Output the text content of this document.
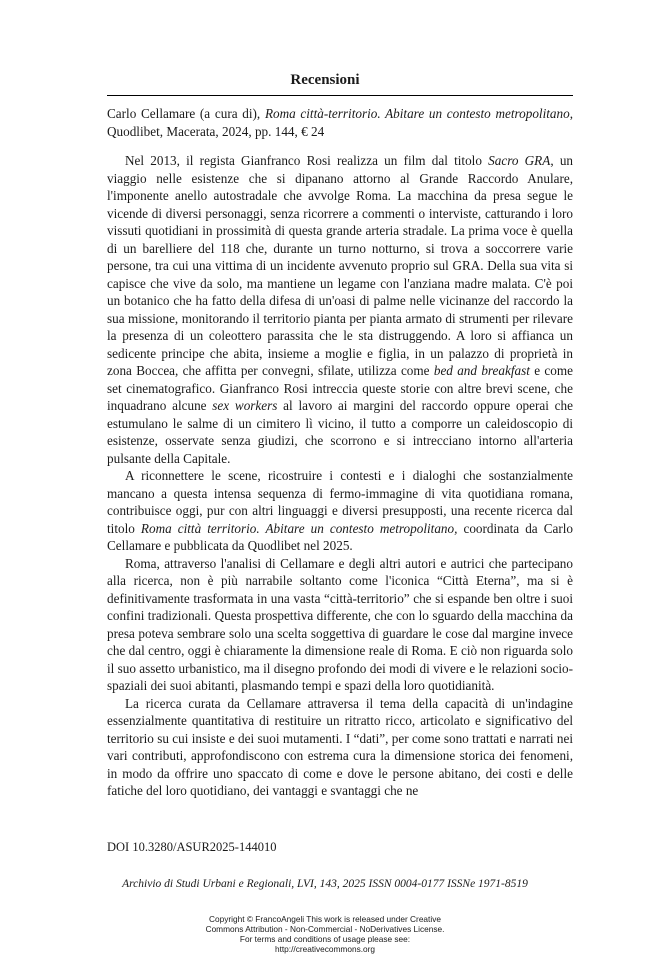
Recensioni
Carlo Cellamare (a cura di), Roma città-territorio. Abitare un contesto metropolitano, Quodlibet, Macerata, 2024, pp. 144, € 24

Nel 2013, il regista Gianfranco Rosi realizza un film dal titolo Sacro GRA, un viaggio nelle esistenze che si dipanano attorno al Grande Raccordo Anulare, l'imponente anello autostradale che avvolge Roma. La macchina da presa segue le vicende di diversi personaggi, senza ricorrere a commenti o interviste, catturando i loro vissuti quotidiani in prossimità di questa grande arteria stradale. La prima voce è quella di un barelliere del 118 che, durante un turno notturno, si trova a soccorrere varie persone, tra cui una vittima di un incidente avvenuto proprio sul GRA. Della sua vita si capisce che vive da solo, ma mantiene un legame con l'anziana madre malata. C'è poi un botanico che ha fatto della difesa di un'oasi di palme nelle vicinanze del raccordo la sua missione, monitorando il territorio pianta per pianta armato di strumenti per rilevare la presenza di un coleottero parassita che le sta distruggendo. A loro si affianca un sedicente principe che abita, insieme a moglie e figlia, in un palazzo di proprietà in zona Boccea, che affitta per convegni, sfilate, utilizza come bed and breakfast e come set cinematografico. Gianfranco Rosi intreccia queste storie con altre brevi scene, che inquadrano alcune sex workers al lavoro ai margini del raccordo oppure operai che estumulano le salme di un cimitero lì vicino, il tutto a comporre un caleidoscopio di esistenze, osservate senza giudizi, che scorrono e si intrecciano intorno all'arteria pulsante della Capitale.

A riconnettere le scene, ricostruire i contesti e i dialoghi che sostanzialmente mancano a questa intensa sequenza di fermo-immagine di vita quotidiana romana, contribuisce oggi, pur con altri linguaggi e diversi presupposti, una recente ricerca dal titolo Roma città territorio. Abitare un contesto metropolitano, coordinata da Carlo Cellamare e pubblicata da Quodlibet nel 2025.

Roma, attraverso l'analisi di Cellamare e degli altri autori e autrici che partecipano alla ricerca, non è più narrabile soltanto come l'iconica “Città Eterna”, ma si è definitivamente trasformata in una vasta “città-territorio” che si espande ben oltre i suoi confini tradizionali. Questa prospettiva differente, che con lo sguardo della macchina da presa poteva sembrare solo una scelta soggettiva di guardare le cose dal margine invece che dal centro, oggi è chiaramente la dimensione reale di Roma. E ciò non riguarda solo il suo assetto urbanistico, ma il disegno profondo dei modi di vivere e le relazioni socio-spaziali dei suoi abitanti, plasmando tempi e spazi della loro quotidianità.

La ricerca curata da Cellamare attraversa il tema della capacità di un'indagine essenzialmente quantitativa di restituire un ritratto ricco, articolato e significativo del territorio su cui insiste e dei suoi mutamenti. I “dati”, per come sono trattati e narrati nei vari contributi, approfondiscono con estrema cura la dimensione storica dei fenomeni, in modo da offrire uno spaccato di come e dove le persone abitano, dei costi e delle fatiche del loro quotidiano, dei vantaggi e svantaggi che ne

DOI 10.3280/ASUR2025-144010
Archivio di Studi Urbani e Regionali, LVI, 143, 2025 ISSN 0004-0177 ISSNe 1971-8519
Copyright © FrancoAngeli This work is released under Creative
Commons Attribution - Non-Commercial - NoDerivatives License.
For terms and conditions of usage please see:
http://creativecommons.org
